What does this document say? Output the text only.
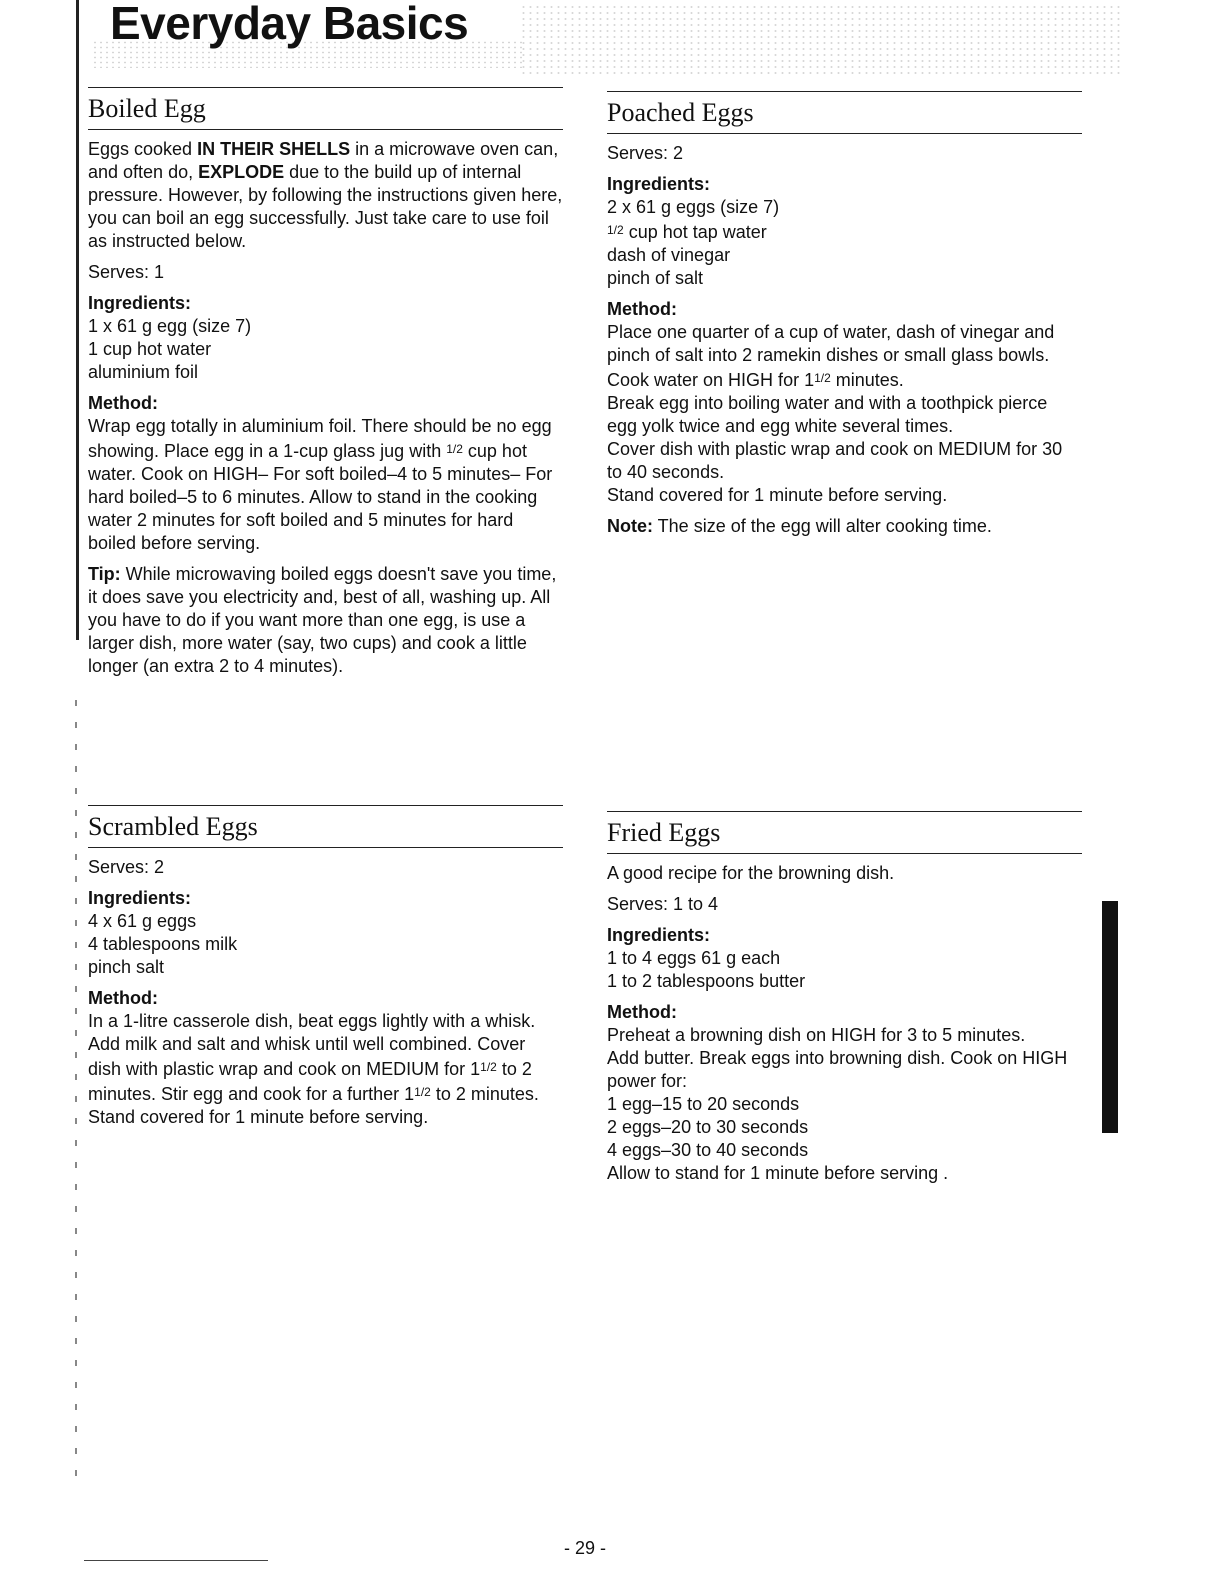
Everyday Basics
Boiled Egg

Eggs cooked IN THEIR SHELLS in a microwave oven can, and often do, EXPLODE due to the build up of internal pressure. However, by following the instructions given here, you can boil an egg successfully. Just take care to use foil as instructed below.

Serves: 1

Ingredients:

1 x 61 g egg (size 7)
1 cup hot water
aluminium foil

Method:

Wrap egg totally in aluminium foil. There should be no egg showing. Place egg in a 1-cup glass jug with $^{1/2}$ cup hot water. Cook on HIGH– For soft boiled–4 to 5 minutes– For hard boiled–5 to 6 minutes. Allow to stand in the cooking water 2 minutes for soft boiled and 5 minutes for hard boiled before serving.

Tip: While microwaving boiled eggs doesn't save you time, it does save you electricity and, best of all, washing up. All you have to do if you want more than one egg, is use a larger dish, more water (say, two cups) and cook a little longer (an extra 2 to 4 minutes).

Poached Eggs

Serves: 2

Ingredients:

2 x 61 g eggs (size 7)
$^{1/2}$ cup hot tap water
dash of vinegar
pinch of salt

Method:

Place one quarter of a cup of water, dash of vinegar and pinch of salt into 2 ramekin dishes or small glass bowls.
Cook water on HIGH for $1^{1/2}$ minutes.
Break egg into boiling water and with a toothpick pierce egg yolk twice and egg white several times.
Cover dish with plastic wrap and cook on MEDIUM for 30 to 40 seconds.
Stand covered for 1 minute before serving.

Note: The size of the egg will alter cooking time.

Scrambled Eggs

Serves: 2

Ingredients:

4 x 61 g eggs
4 tablespoons milk
pinch salt

Method:

In a 1-litre casserole dish, beat eggs lightly with a whisk. Add milk and salt and whisk until well combined. Cover dish with plastic wrap and cook on MEDIUM for $1^{1/2}$ to 2 minutes. Stir egg and cook for a further $1^{1/2}$ to 2 minutes. Stand covered for 1 minute before serving.

Fried Eggs

A good recipe for the browning dish.

Serves: 1 to 4

Ingredients:

1 to 4 eggs 61 g each
1 to 2 tablespoons butter

Method:

Preheat a browning dish on HIGH for 3 to 5 minutes.
Add butter. Break eggs into browning dish. Cook on HIGH power for:
1 egg–15 to 20 seconds
2 eggs–20 to 30 seconds
4 eggs–30 to 40 seconds
Allow to stand for 1 minute before serving .
- 29 -
